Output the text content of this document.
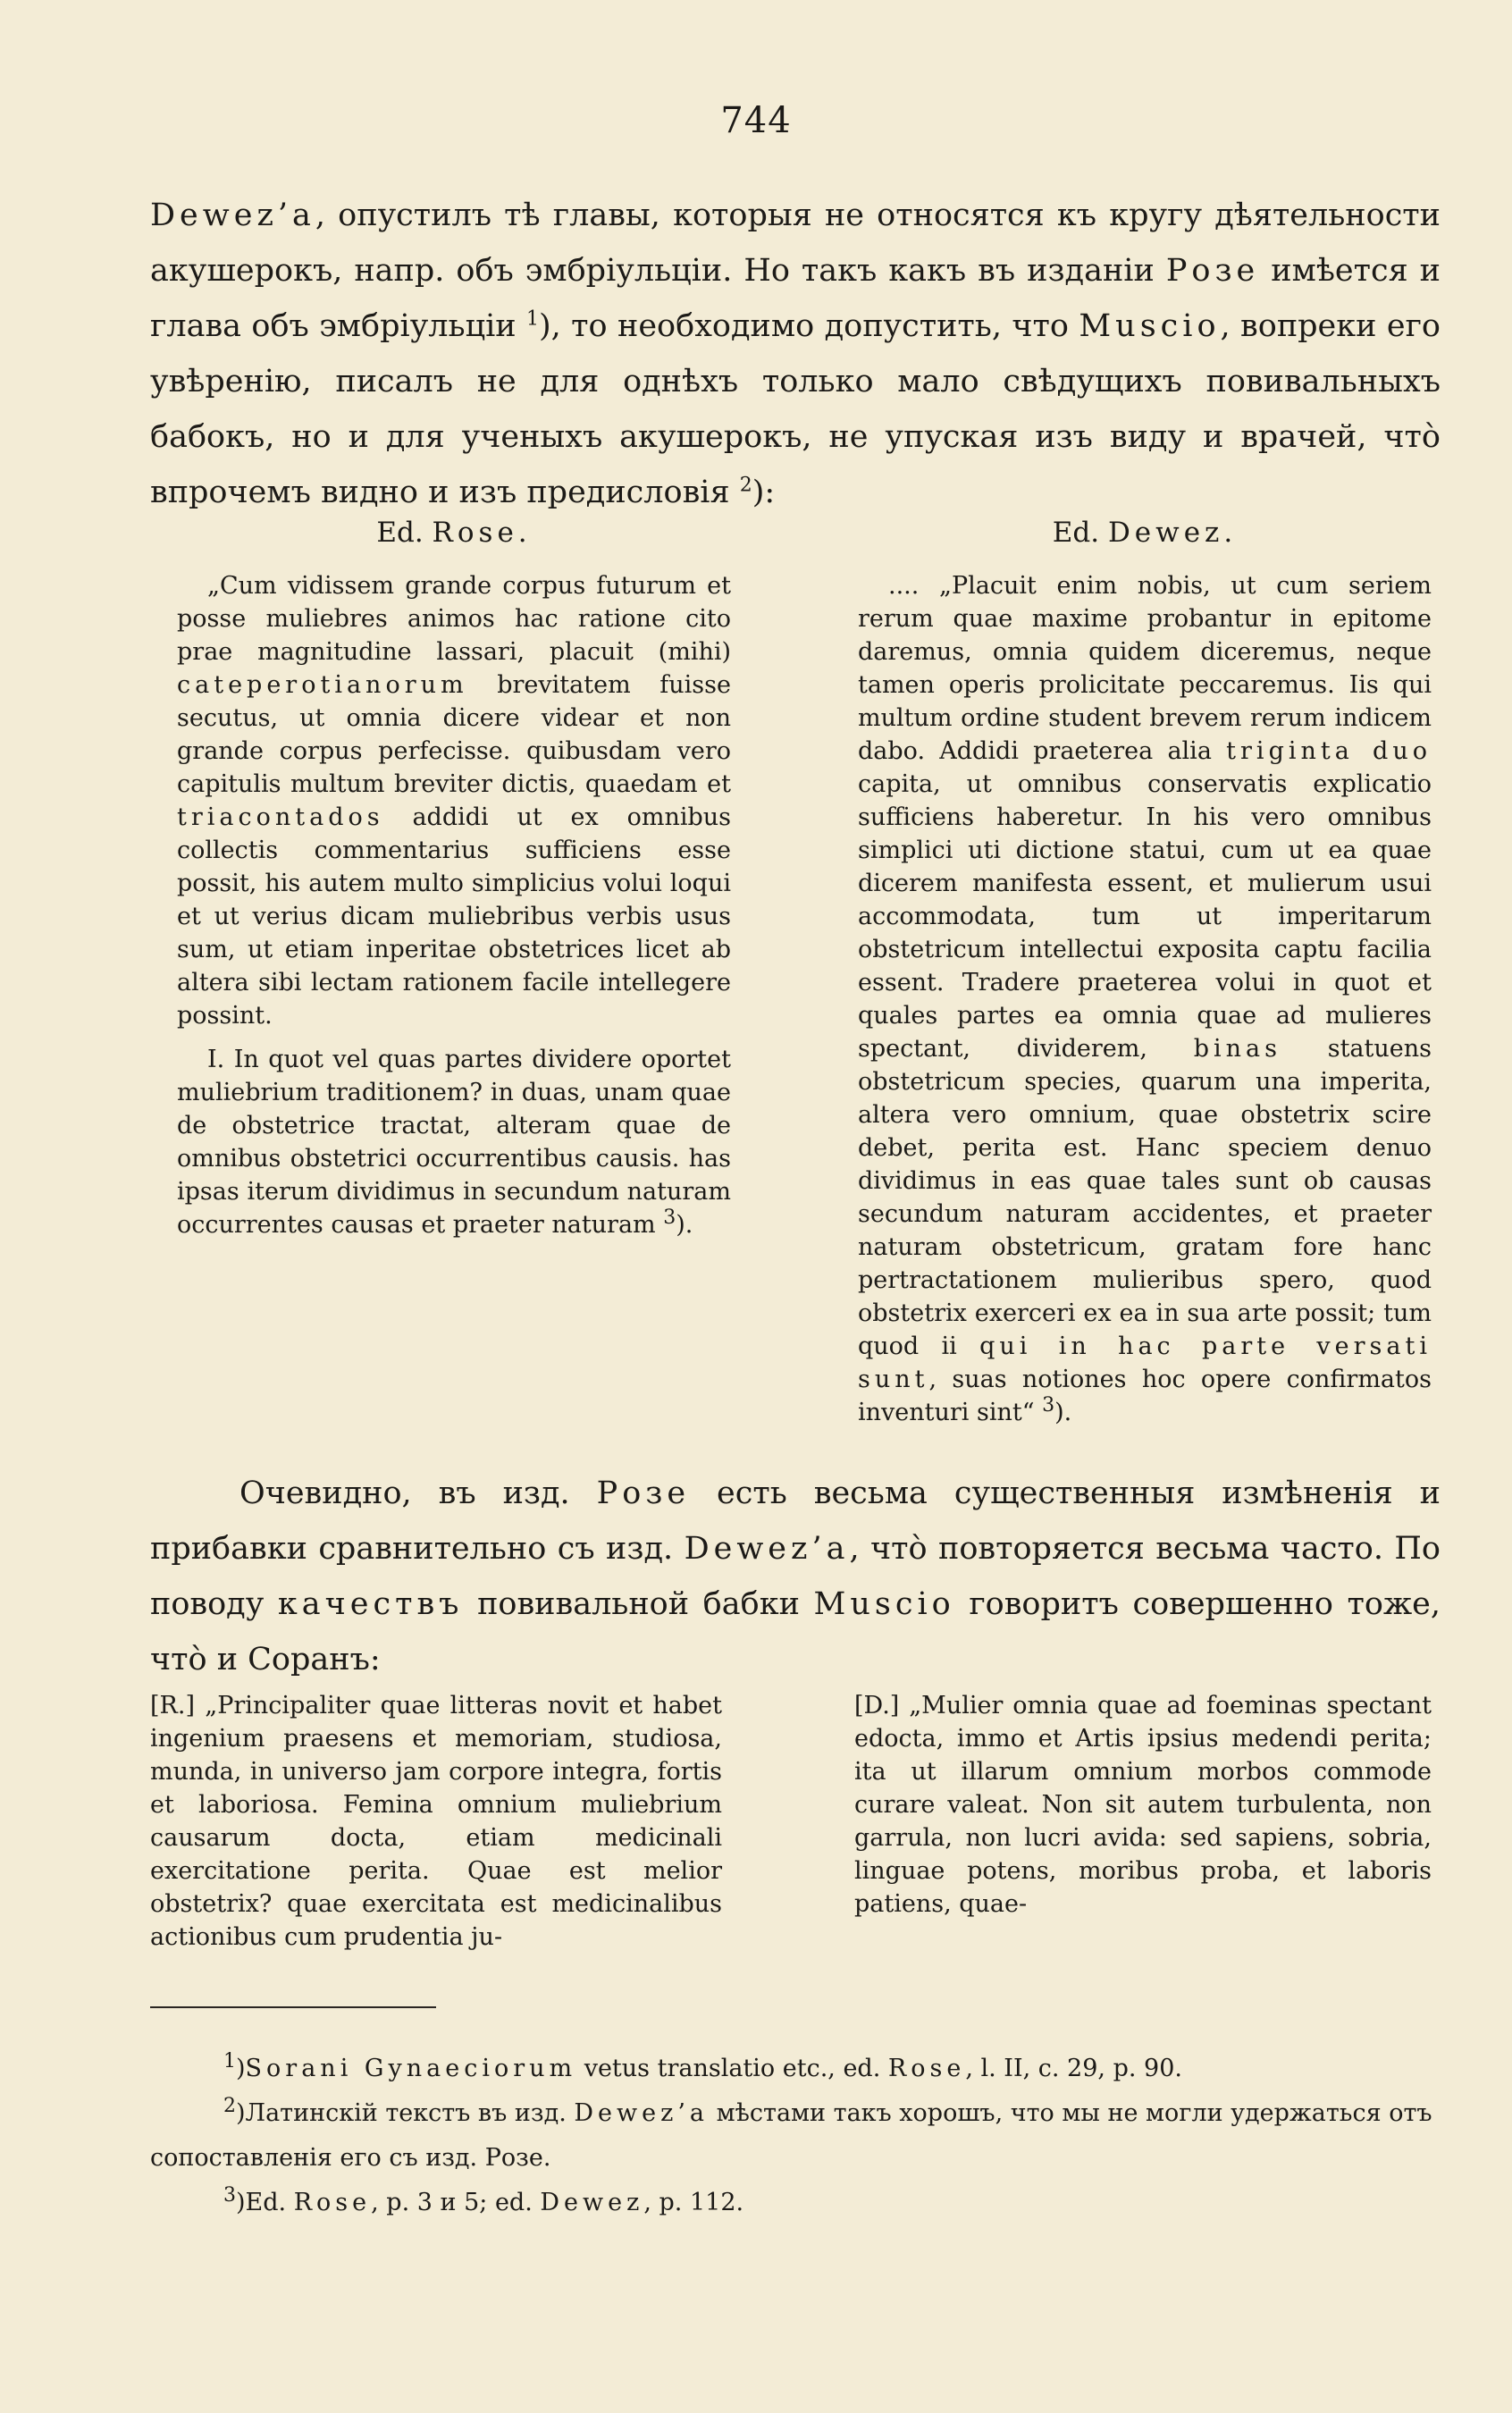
744
Dewez’a, опустилъ тѣ главы, которыя не относятся къ кругу дѣятельности акушерокъ, напр. объ эмбріульціи. Но такъ какъ въ изданіи Розе имѣется и глава объ эмбріульціи $^1$), то необходимо допустить, что Muscio, вопреки его увѣренію, писалъ не для однѣхъ только мало свѣдущихъ повивальныхъ бабокъ, но и для ученыхъ акушерокъ, не упуская изъ виду и врачей, что̀ впрочемъ видно и изъ предисловія $^2$):
Ed. Rose.

„Cum vidissem grande corpus futurum et posse muliebres animos hac ratione cito prae magnitudine lassari, placuit (mihi) cateperotianorum brevitatem fuisse secutus, ut omnia dicere videar et non grande corpus perfecisse. quibusdam vero capitulis multum breviter dictis, quaedam et triacontados addidi ut ex omnibus collectis commentarius sufficiens esse possit, his autem multo simplicius volui loqui et ut verius dicam muliebribus verbis usus sum, ut etiam inperitae obstetrices licet ab altera sibi lectam rationem facile intellegere possint.

I. In quot vel quas partes dividere oportet muliebrium traditionem? in duas, unam quae de obstetrice tractat, alteram quae de omnibus obstetrici occurrentibus causis. has ipsas iterum dividimus in secundum naturam occurrentes causas et praeter naturam $^3$).

Ed. Dewez.

.... „Placuit enim nobis, ut cum seriem rerum quae maxime probantur in epitome daremus, omnia quidem diceremus, neque tamen operis prolicitate peccaremus. Iis qui multum ordine student brevem rerum indicem dabo. Addidi praeterea alia triginta duo capita, ut omnibus conservatis explicatio sufficiens haberetur. In his vero omnibus simplici uti dictione statui, cum ut ea quae dicerem manifesta essent, et mulierum usui accommodata, tum ut imperitarum obstetricum intellectui exposita captu facilia essent. Tradere praeterea volui in quot et quales partes ea omnia quae ad mulieres spectant, dividerem, binas statuens obstetricum species, quarum una imperita, altera vero omnium, quae obstetrix scire debet, perita est. Hanc speciem denuo dividimus in eas quae tales sunt ob causas secundum naturam accidentes, et praeter naturam obstetricum, gratam fore hanc pertractationem mulieribus spero, quod obstetrix exerceri ex ea in sua arte possit; tum quod ii qui in hac parte versati sunt, suas notiones hoc opere confirmatos inventuri sint“ $^3$).

Очевидно, въ изд. Розе есть весьма существенныя измѣненія и прибавки сравнительно съ изд. Dewez’a, что̀ повторяется весьма часто. По поводу качествъ повивальной бабки Muscio говоритъ совершенно тоже, что̀ и Соранъ:

[R.] „Principaliter quae litteras novit et habet ingenium praesens et memoriam, studiosa, munda, in universo jam corpore integra, fortis et laboriosa. Femina omnium muliebrium causarum docta, etiam medicinali exercitatione perita. Quae est melior obstetrix? quae exercitata est medicinalibus actionibus cum prudentia ju-

[D.] „Mulier omnia quae ad foeminas spectant edocta, immo et Artis ipsius medendi perita; ita ut illarum omnium morbos commode curare valeat. Non sit autem turbulenta, non garrula, non lucri avida: sed sapiens, sobria, linguae potens, moribus proba, et laboris patiens, quae-

$^1$)Sorani Gynaeciorum vetus translatio etc., ed. Rose, l. II, c. 29, p. 90.

$^2$)Латинскій текстъ въ изд. Dewez’a мѣстами такъ хорошъ, что мы не могли удержаться отъ сопоставленія его съ изд. Розе.

$^3$)Ed. Rose, p. 3 и 5; ed. Dewez, p. 112.
